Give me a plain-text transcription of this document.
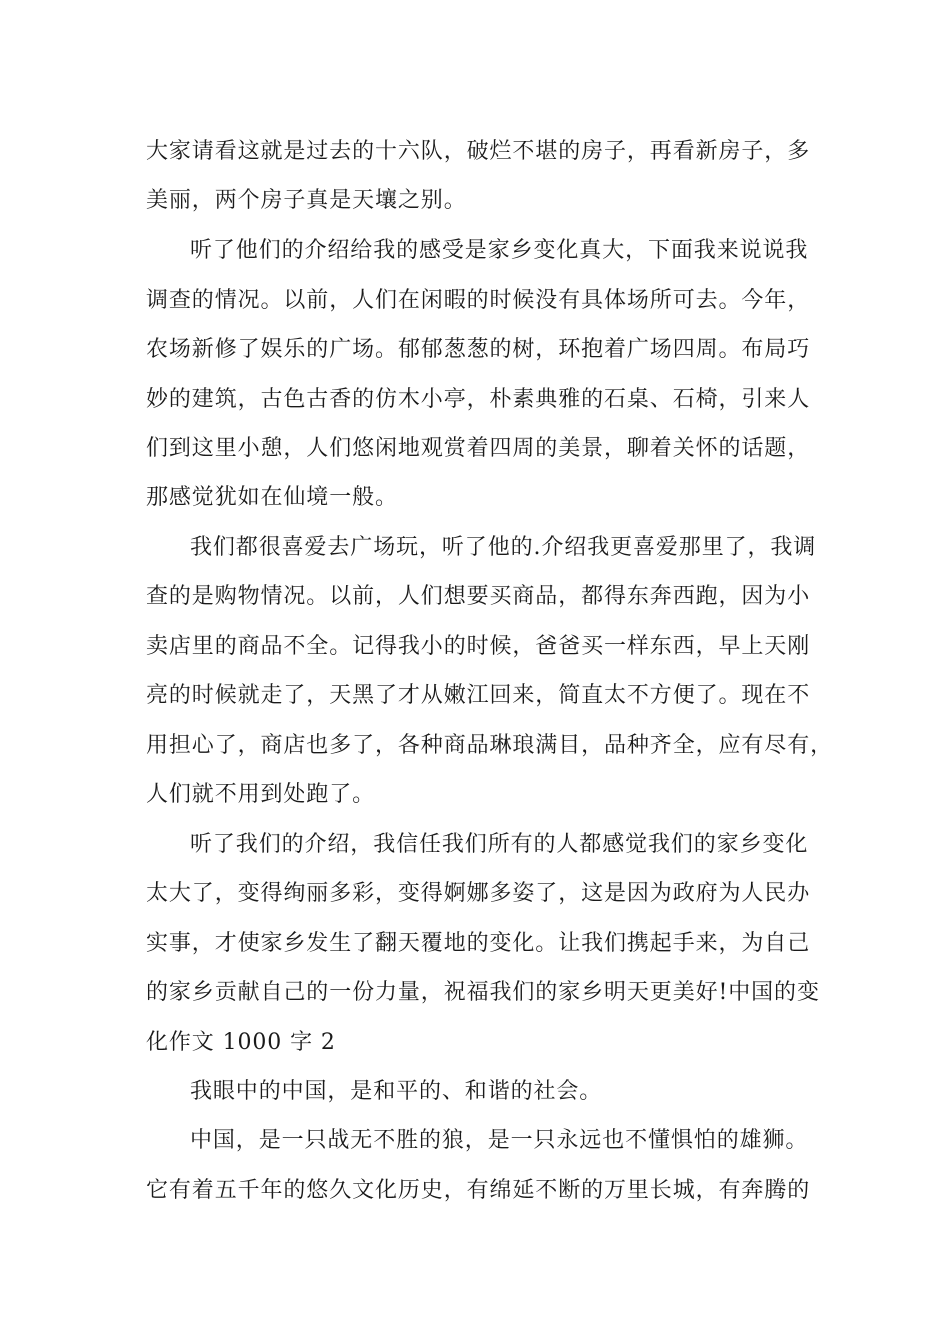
大家请看这就是过去的十六队，破烂不堪的房子，再看新房子，多
美丽，两个房子真是天壤之别。
听了他们的介绍给我的感受是家乡变化真大，下面我来说说我
调查的情况。以前，人们在闲暇的时候没有具体场所可去。今年，
农场新修了娱乐的广场。郁郁葱葱的树，环抱着广场四周。布局巧
妙的建筑，古色古香的仿木小亭，朴素典雅的石桌、石椅，引来人
们到这里小憩，人们悠闲地观赏着四周的美景，聊着关怀的话题，
那感觉犹如在仙境一般。
我们都很喜爱去广场玩，听了他的.介绍我更喜爱那里了，我调
查的是购物情况。以前，人们想要买商品，都得东奔西跑，因为小
卖店里的商品不全。记得我小的时候，爸爸买一样东西，早上天刚
亮的时候就走了，天黑了才从嫩江回来，简直太不方便了。现在不
用担心了，商店也多了，各种商品琳琅满目，品种齐全，应有尽有，
人们就不用到处跑了。
听了我们的介绍，我信任我们所有的人都感觉我们的家乡变化
太大了，变得绚丽多彩，变得婀娜多姿了，这是因为政府为人民办
实事，才使家乡发生了翻天覆地的变化。让我们携起手来，为自己
的家乡贡献自己的一份力量，祝福我们的家乡明天更美好!中国的变
化作文 1000 字 2
我眼中的中国，是和平的、和谐的社会。
中国，是一只战无不胜的狼，是一只永远也不懂惧怕的雄狮。
它有着五千年的悠久文化历史，有绵延不断的万里长城，有奔腾的
